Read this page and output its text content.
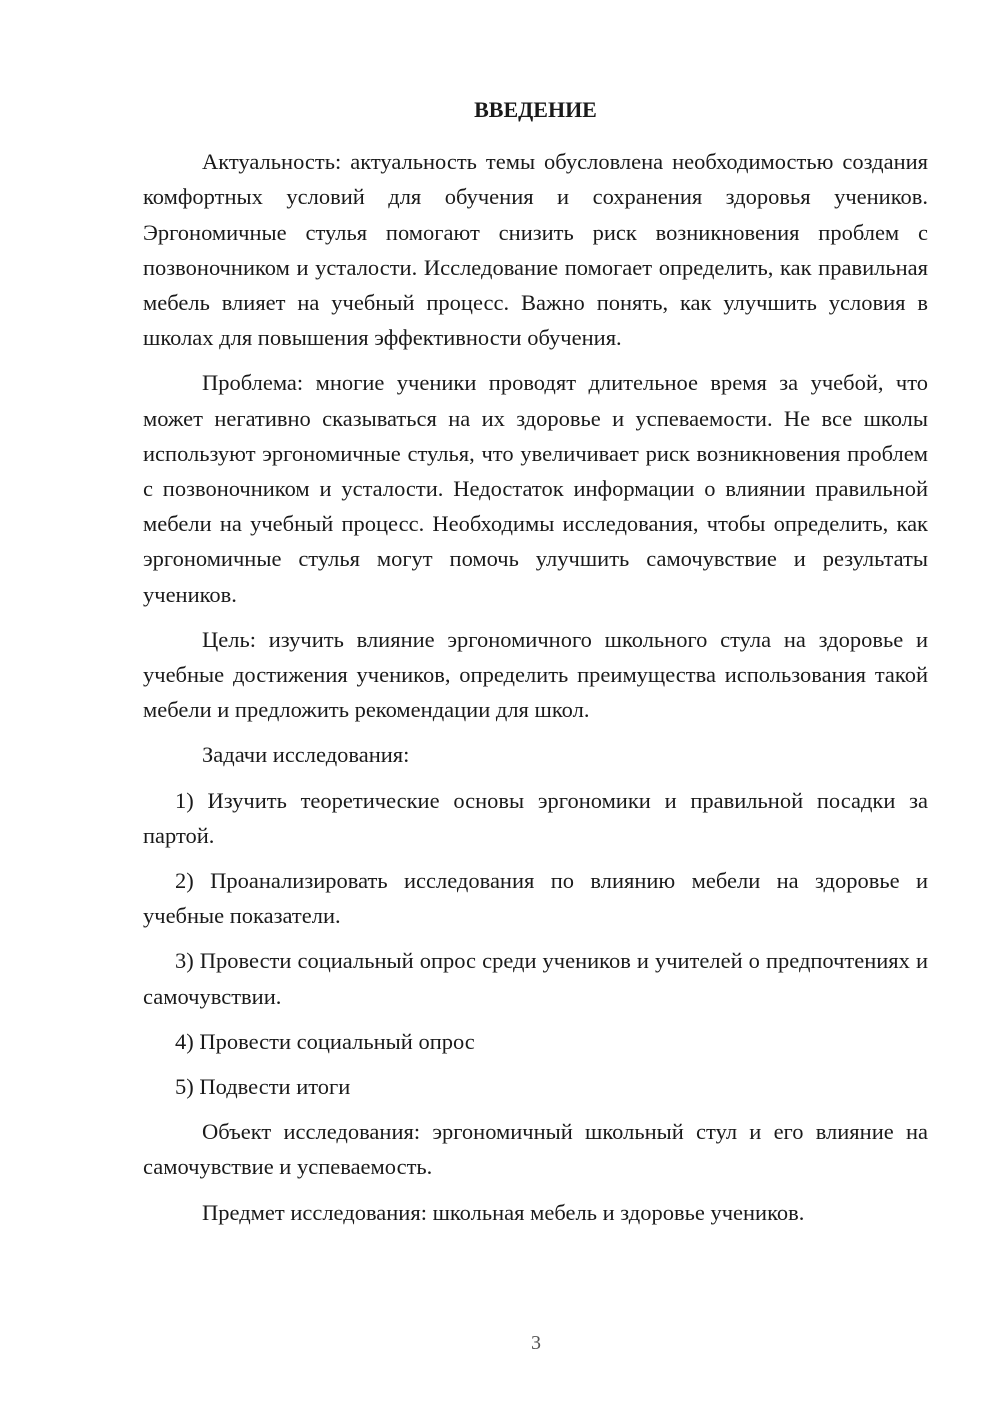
ВВЕДЕНИЕ

Актуальность: актуальность темы обусловлена необходимостью создания комфортных условий для обучения и сохранения здоровья учеников. Эргономичные стулья помогают снизить риск возникновения проблем с позвоночником и усталости. Исследование помогает определить, как правильная мебель влияет на учебный процесс. Важно понять, как улучшить условия в школах для повышения эффективности обучения.

Проблема: многие ученики проводят длительное время за учебой, что может негативно сказываться на их здоровье и успеваемости. Не все школы используют эргономичные стулья, что увеличивает риск возникновения проблем с позвоночником и усталости. Недостаток информации о влиянии правильной мебели на учебный процесс. Необходимы исследования, чтобы определить, как эргономичные стулья могут помочь улучшить самочувствие и результаты учеников.

Цель: изучить влияние эргономичного школьного стула на здоровье и учебные достижения учеников, определить преимущества использования такой мебели и предложить рекомендации для школ.

Задачи исследования:

1) Изучить теоретические основы эргономики и правильной посадки за партой.

2) Проанализировать исследования по влиянию мебели на здоровье и учебные показатели.

3) Провести социальный опрос среди учеников и учителей о предпочтениях и самочувствии.

4) Провести социальный опрос

5) Подвести итоги

Объект исследования: эргономичный школьный стул и его влияние на самочувствие и успеваемость.

Предмет исследования: школьная мебель и здоровье учеников.

3
